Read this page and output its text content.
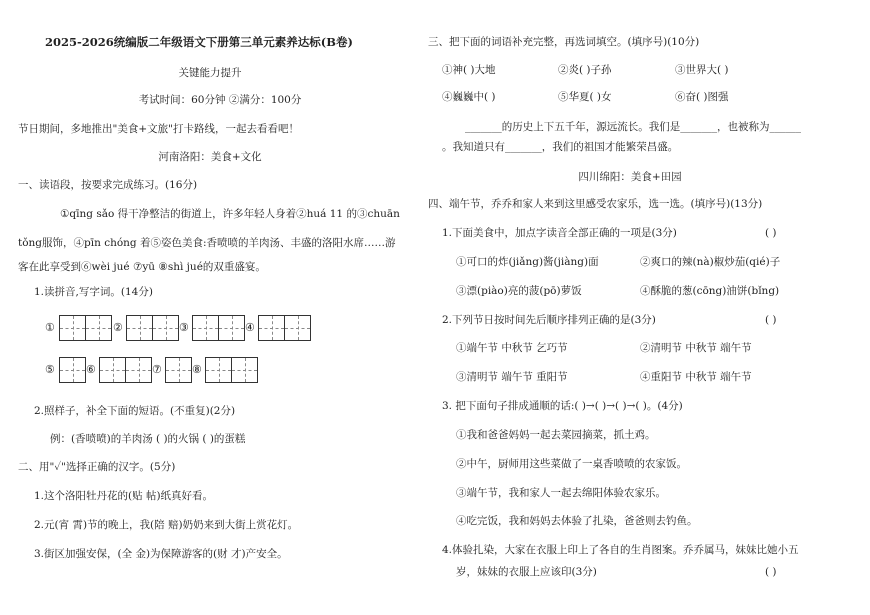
2025-2026统编版二年级语文下册第三单元素养达标(B卷)
关键能力提升
考试时间：60分钟 ②满分：100分
节日期间，多地推出"美食+文旅"打卡路线，一起去看看吧！
河南洛阳：美食+文化
一、读语段，按要求完成练习。(16分)
①qīng sǎo 得干净整洁的街道上，许多年轻人身着②huá 11 的③chuān
tǒng服饰，④pīn chóng 着⑤姿色美食:香喷喷的羊肉汤、丰盛的洛阳水席……游
客在此享受到⑥wèi jué ⑦yū ⑧shì jué的双重盛宴。
1.读拼音,写字词。(14分)
①	②	③	④
⑤	⑥	⑦	⑧
2.照样子，补全下面的短语。(不重复)(2分)
例：(香喷喷)的羊肉汤 ( )的火锅 ( )的蛋糕
二、用"✓"选择正确的汉字。(5分)
1.这个洛阳牡丹花的(贴 帖)纸真好看。
2.元(宵 霄)节的晚上，我(陪 赔)奶奶来到大街上赏花灯。
3.街区加强安保，(全 金)为保障游客的(财 才)产安全。
三、把下面的词语补充完整，再选词填空。(填序号)(10分)
①神( )大地	②炎( )子孙	③世界大( )
④巍巍中( )	⑤华夏( )女	⑥奋( )图强
_______的历史上下五千年，源远流长。我们是_______，也被称为______
。我知道只有_______，我们的祖国才能繁荣昌盛。
四川绵阳：美食+田园
四、端午节，乔乔和家人来到这里感受农家乐，选一选。(填序号)(13分)
1.下面美食中，加点字读音全部正确的一项是(3分)	( )
①可口的炸(jiǎng)酱(jiàng)面	②爽口的辣(nà)椒炒茄(qié)子
③漂(piào)亮的菠(pō)萝饭	④酥脆的葱(cōng)油饼(bǐng)
2.下列节日按时间先后顺序排列正确的是(3分)	( )
①端午节 中秋节 乞巧节	②清明节 中秋节 端午节
③清明节 端午节 重阳节	④重阳节 中秋节 端午节
3. 把下面句子排成通顺的话:( )→( )→( )→( )。(4分)
①我和爸爸妈妈一起去菜园摘菜，抓土鸡。
②中午，厨师用这些菜做了一桌香喷喷的农家饭。
③端午节，我和家人一起去绵阳体验农家乐。
④吃完饭，我和妈妈去体验了扎染，爸爸则去钓鱼。
4.体验扎染，大家在衣服上印上了各自的生肖图案。乔乔属马，妹妹比她小五
岁，妹妹的衣服上应该印(3分)	( )
